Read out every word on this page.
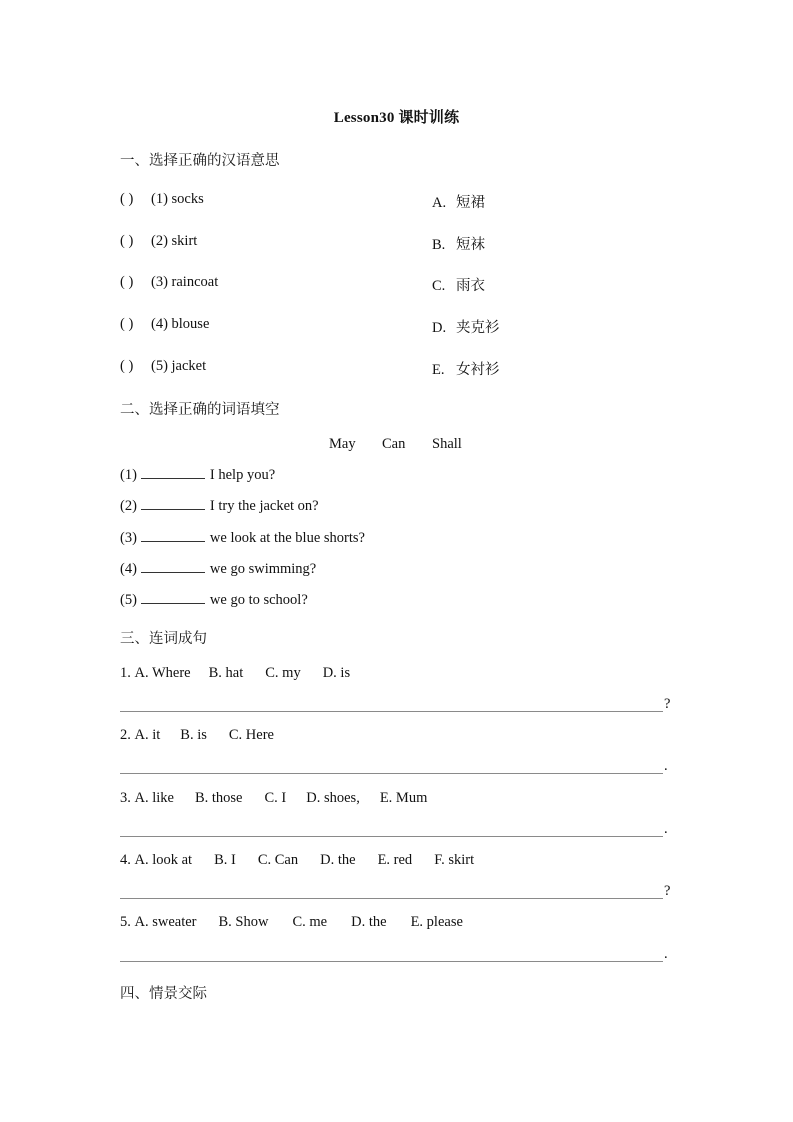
Lesson30 课时训练
一、选择正确的汉语意思
( ) (1) socks	A. 短裙
( ) (2) skirt	B. 短袜
( ) (3) raincoat	C. 雨衣
( ) (4) blouse	D. 夹克衫
( ) (5) jacket	E. 女衬衫
二、选择正确的词语填空
May Can Shall
(1)	I help you?
(2)	I try the jacket on?
(3)	we look at the blue shorts?
(4)	we go swimming?
(5)	we go to school?
三、连词成句
1. A. Where B. hat C. my D. is
?
2. A. it B. is C. Here
.
3. A. like B. those C. I D. shoes, E. Mum
.
4. A. look at B. I C. Can D. the E. red F. skirt
?
5. A. sweater B. Show C. me D. the E. please
.
四、情景交际
